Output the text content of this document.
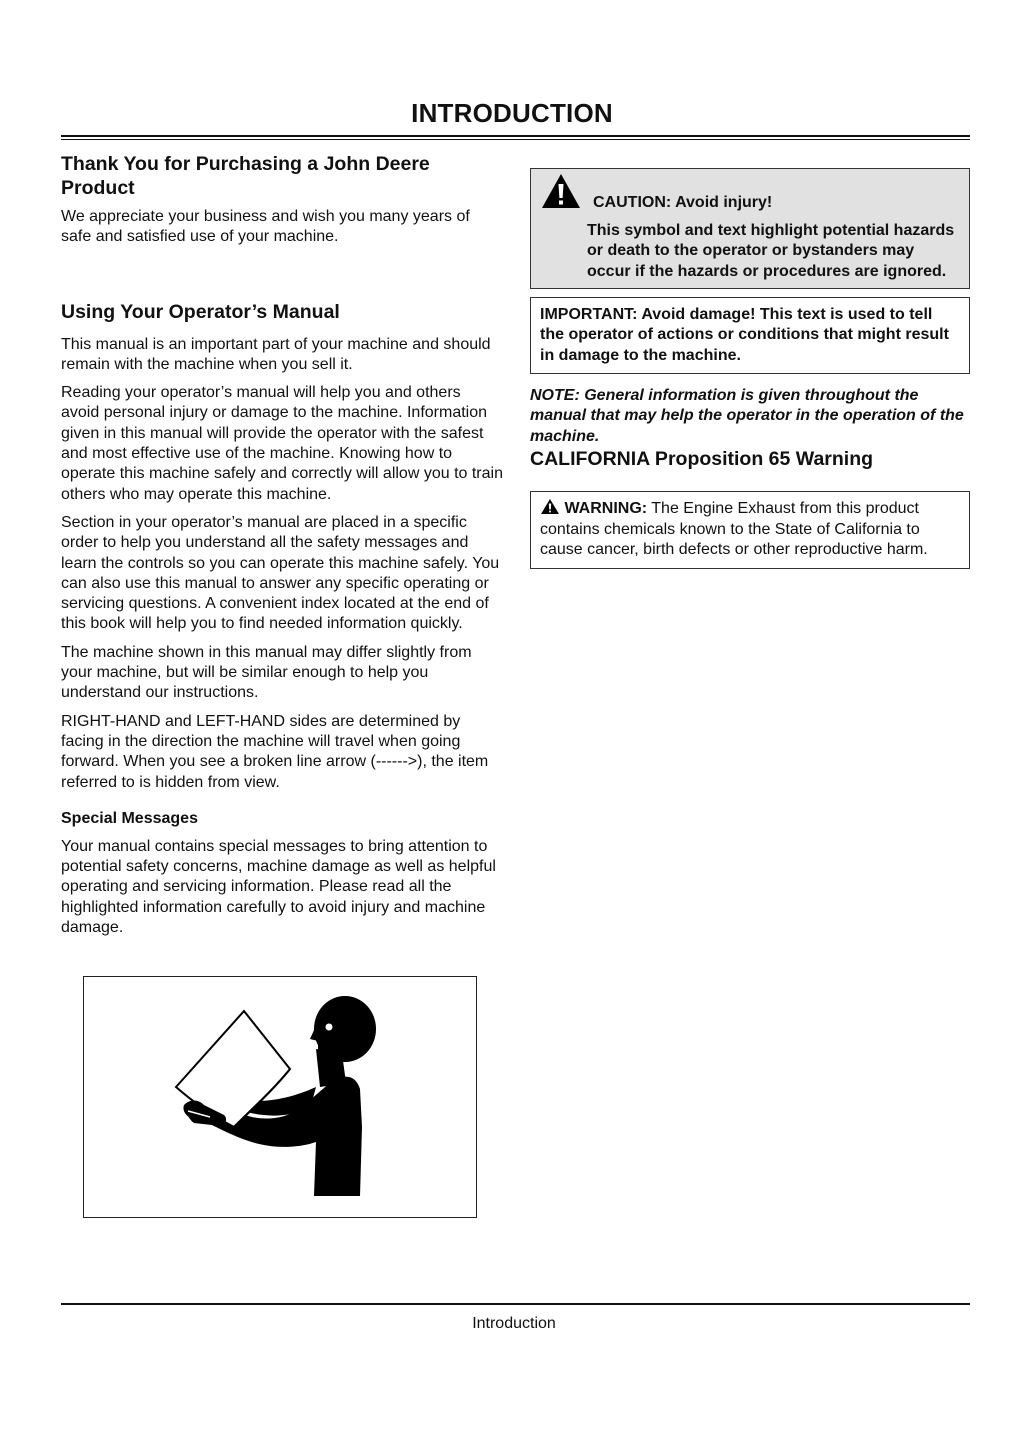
INTRODUCTION
Thank You for Purchasing a John Deere Product

We appreciate your business and wish you many years of safe and satisfied use of your machine.

Using Your Operator’s Manual

This manual is an important part of your machine and should remain with the machine when you sell it.

Reading your operator’s manual will help you and others avoid personal injury or damage to the machine. Information given in this manual will provide the operator with the safest and most effective use of the machine. Knowing how to operate this machine safely and correctly will allow you to train others who may operate this machine.

Section in your operator’s manual are placed in a specific order to help you understand all the safety messages and learn the controls so you can operate this machine safely. You can also use this manual to answer any specific operating or servicing questions. A convenient index located at the end of this book will help you to find needed information quickly.

The machine shown in this manual may differ slightly from your machine, but will be similar enough to help you understand our instructions.

RIGHT-HAND and LEFT-HAND sides are determined by facing in the direction the machine will travel when going forward. When you see a broken line arrow (------>), the item referred to is hidden from view.

Special Messages

Your manual contains special messages to bring attention to potential safety concerns, machine damage as well as helpful operating and servicing information. Please read all the highlighted information carefully to avoid injury and machine damage.

CAUTION: Avoid injury!
This symbol and text highlight potential hazards or death to the operator or bystanders may occur if the hazards or procedures are ignored.
IMPORTANT: Avoid damage! This text is used to tell the operator of actions or conditions that might result in damage to the machine.
NOTE: General information is given throughout the manual that may help the operator in the operation of the machine.
CALIFORNIA Proposition 65 Warning
WARNING: The Engine Exhaust from this product contains chemicals known to the State of California to cause cancer, birth defects or other reproductive harm.
Introduction
